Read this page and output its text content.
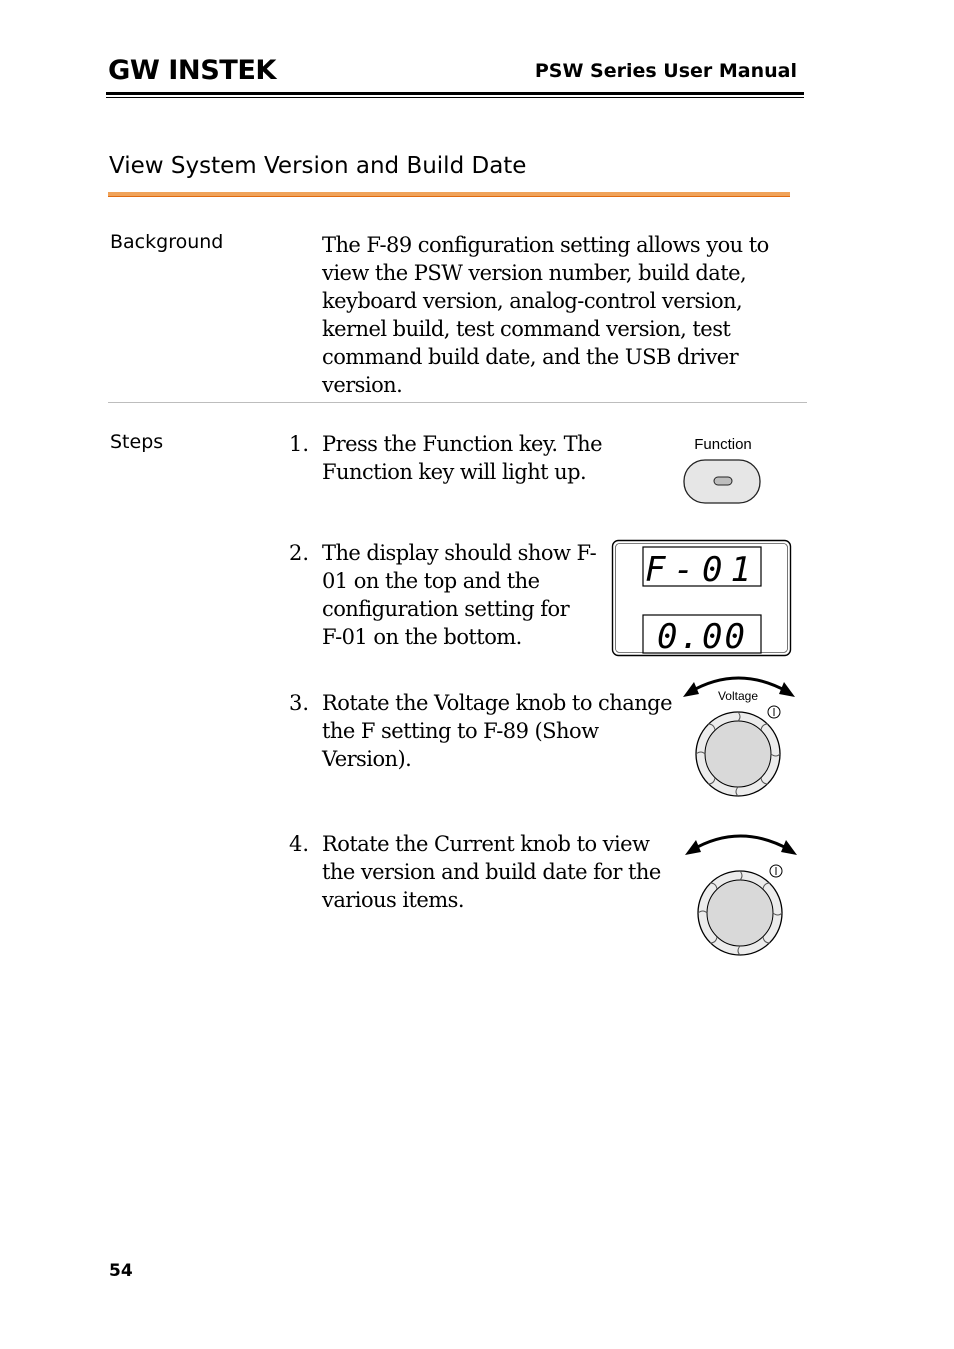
GW INSTEK	PSW Series User Manual
View System Version and Build Date
Background	The F-89 configuration setting allows you to
view the PSW version number, build date,
keyboard version, analog-control version,
kernel build, test command version, test
command build date, and the USB driver
version.
Steps	1. Press the Function key. The
Function key will light up.
2. The display should show F-
01 on the top and the
configuration setting for
F-01 on the bottom.
3. Rotate the Voltage knob to change
the F setting to F-89 (Show
Version).
4. Rotate the Current knob to view
the version and build date for the
various items.
Function
F-01
0.00
Voltage
54
